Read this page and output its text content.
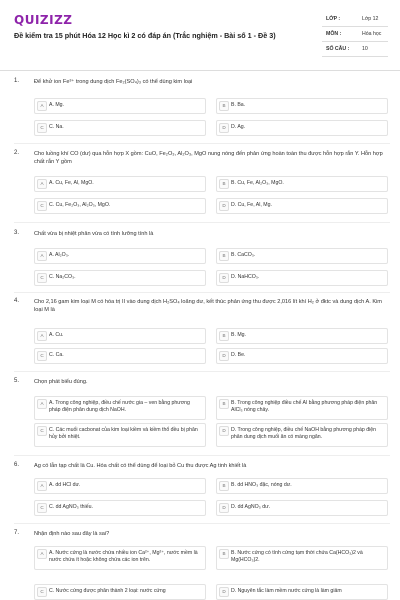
QUIZIZZ
Đề kiểm tra 15 phút Hóa 12 Học kì 2 có đáp án (Trắc nghiệm - Bài số 1 - Đề 3)
LỚP :	Lớp 12
MÔN :	Hóa học
SỐ CÂU : 10
1.	Để khử ion Fe³⁺ trong dung dịch Fe₂(SO₄)₃ có thể dùng kim loại
A	A. Mg.	B	B. Ba.
C	C. Na.	D	D. Ag.
2.	Cho luồng khí CO (dư) qua hỗn hợp X gồm: CuO, Fe₂O₃, Al₂O₃, MgO nung nóng đến phản ứng hoàn toàn thu được hỗn hợp rắn Y. Hỗn hợp chất rắn Y gồm
A	A. Cu, Fe, Al, MgO.	B	B. Cu, Fe, Al₂O₃, MgO.
C	C. Cu, Fe₂O₃, Al₂O₃, MgO.	D	D. Cu, Fe, Al, Mg.
3.	Chất vừa bị nhiệt phân vừa có tính lưỡng tính là
A	A. Al₂O₃.	B	B. CaCO₃.
C	C. Na₂CO₃.	D	D. NaHCO₃.
4.	Cho 2,16 gam kim loại M có hóa trị II vào dung dịch H₂SO₄ loãng dư, kết thúc phản ứng thu được 2,016 lít khí H₂ ở đktc và dung dịch A. Kim loại M là
A	A. Cu.	B	B. Mg.
C	C. Ca.	D	D. Be.
5.	Chọn phát biểu đúng.
A	A. Trong công nghiệp, điều chế nước gia – ven bằng phương pháp điện phân dung dịch NaOH.
B	B. Trong công nghiệp điều chế Al bằng phương pháp điện phân AlCl₃ nóng chảy.
C	C. Các muối cacbonat của kim loại kiềm và kiềm thổ đều bị phân hủy bởi nhiệt.
D	D. Trong công nghiệp, điều chế NaOH bằng phương pháp điện phân dung dịch muối ăn có màng ngăn.
6.	Ag có lẫn tạp chất là Cu. Hóa chất có thể dùng để loại bỏ Cu thu được Ag tinh khiết là
A	A. dd HCl dư.	B	B. dd HNO₃ đặc, nóng dư.
C	C. dd AgNO₃ thiếu.	D	D. dd AgNO₃ dư.
7.	Nhận định nào sau đây là sai?
A	A. Nước cứng là nước chứa nhiều ion Ca²⁺, Mg²⁺, nước mềm là nước chứa ít hoặc không chứa các ion trên.
B	B. Nước cứng có tính cứng tạm thời chứa Ca(HCO₃)2 và Mg(HCO₃)2.
C	C. Nước cứng được phân thành 2 loại: nước cứng	D	D. Nguyên tắc làm mềm nước cứng là làm giảm
